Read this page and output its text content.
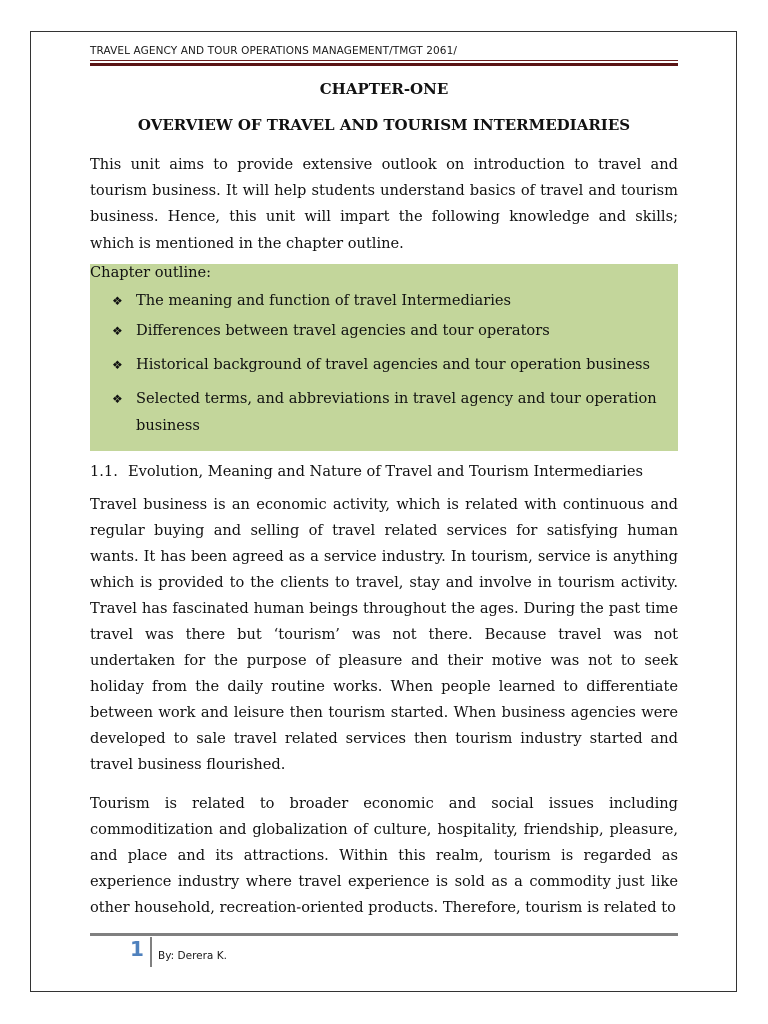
TRAVEL AGENCY AND TOUR OPERATIONS MANAGEMENT/TMGT 2061/
CHAPTER-ONE
OVERVIEW OF TRAVEL AND TOURISM INTERMEDIARIES
This unit aims to provide extensive outlook on introduction to travel and tourism business. It will help students understand basics of travel and tourism business. Hence, this unit will impart the following knowledge and skills; which is mentioned in the chapter outline.
Chapter outline:
❖ The meaning and function of travel Intermediaries
❖ Differences between travel agencies and tour operators
❖ Historical background of travel agencies and tour operation business
❖ Selected terms, and abbreviations in travel agency and tour operation business
1.1. Evolution, Meaning and Nature of Travel and Tourism Intermediaries
Travel business is an economic activity, which is related with continuous and regular buying and selling of travel related services for satisfying human wants. It has been agreed as a service industry. In tourism, service is anything which is provided to the clients to travel, stay and involve in tourism activity. Travel has fascinated human beings throughout the ages. During the past time travel was there but ‘tourism’ was not there. Because travel was not undertaken for the purpose of pleasure and their motive was not to seek holiday from the daily routine works. When people learned to differentiate between work and leisure then tourism started. When business agencies were developed to sale travel related services then tourism industry started and travel business flourished.
Tourism is related to broader economic and social issues including commoditization and globalization of culture, hospitality, friendship, pleasure, and place and its attractions. Within this realm, tourism is regarded as experience industry where travel experience is sold as a commodity just like other household, recreation-oriented products. Therefore, tourism is related to
1 By: Derera K.
